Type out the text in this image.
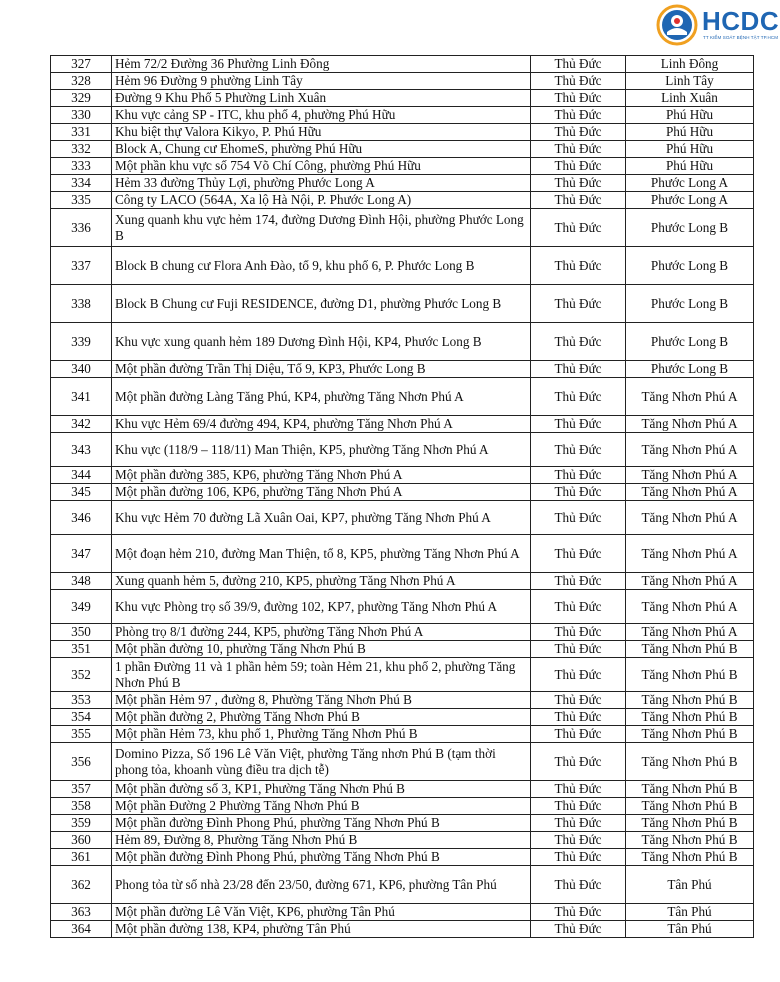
HCDC
TT KIỂM SOÁT BỆNH TẬT TP.HCM
327	Hẻm 72/2 Đường 36 Phường Linh Đông	Thủ Đức	Linh Đông
328	Hẻm 96 Đường 9 phường Linh Tây	Thủ Đức	Linh Tây
329	Đường 9 Khu Phố 5 Phường Linh Xuân	Thủ Đức	Linh Xuân
330	Khu vực cảng SP - ITC, khu phố 4, phường Phú Hữu	Thủ Đức	Phú Hữu
331	Khu biệt thự Valora Kikyo, P. Phú Hữu	Thủ Đức	Phú Hữu
332	Block A, Chung cư EhomeS, phường Phú Hữu	Thủ Đức	Phú Hữu
333	Một phần khu vực số 754 Võ Chí Công, phường Phú Hữu	Thủ Đức	Phú Hữu
334	Hẻm 33 đường Thủy Lợi, phường Phước Long A	Thủ Đức	Phước Long A
335	Công ty LACO (564A, Xa lộ Hà Nội, P. Phước Long A)	Thủ Đức	Phước Long A
336	Xung quanh khu vực hẻm 174, đường Dương Đình Hội, phường Phước Long B	Thủ Đức	Phước Long B
337	Block B chung cư Flora Anh Đào, tổ 9, khu phố 6, P. Phước Long B	Thủ Đức	Phước Long B
338	Block B Chung cư Fuji RESIDENCE, đường D1, phường Phước Long B	Thủ Đức	Phước Long B
339	Khu vực xung quanh hẻm 189 Dương Đình Hội, KP4, Phước Long B	Thủ Đức	Phước Long B
340	Một phần đường Trần Thị Diệu, Tổ 9, KP3, Phước Long B	Thủ Đức	Phước Long B
341	Một phần đường Làng Tăng Phú, KP4, phường Tăng Nhơn Phú A	Thủ Đức	Tăng Nhơn Phú A
342	Khu vực Hẻm 69/4 đường 494, KP4, phường Tăng Nhơn Phú A	Thủ Đức	Tăng Nhơn Phú A
343	Khu vực (118/9 – 118/11) Man Thiện, KP5, phường Tăng Nhơn Phú A	Thủ Đức	Tăng Nhơn Phú A
344	Một phần đường 385, KP6, phường Tăng Nhơn Phú A	Thủ Đức	Tăng Nhơn Phú A
345	Một phần đường 106, KP6, phường Tăng Nhơn Phú A	Thủ Đức	Tăng Nhơn Phú A
346	Khu vực Hẻm 70 đường Lã Xuân Oai, KP7, phường Tăng Nhơn Phú A	Thủ Đức	Tăng Nhơn Phú A
347	Một đoạn hẻm 210, đường Man Thiện, tổ 8, KP5, phường Tăng Nhơn Phú A	Thủ Đức	Tăng Nhơn Phú A
348	Xung quanh hẻm 5, đường 210, KP5, phường Tăng Nhơn Phú A	Thủ Đức	Tăng Nhơn Phú A
349	Khu vực Phòng trọ số 39/9, đường 102, KP7, phường Tăng Nhơn Phú A	Thủ Đức	Tăng Nhơn Phú A
350	Phòng trọ 8/1 đường 244, KP5, phường Tăng Nhơn Phú A	Thủ Đức	Tăng Nhơn Phú A
351	Một phần đường 10, phường Tăng Nhơn Phú B	Thủ Đức	Tăng Nhơn Phú B
352	1 phần Đường 11 và 1 phần hẻm 59; toàn Hẻm 21, khu phố 2, phường Tăng Nhơn Phú B	Thủ Đức	Tăng Nhơn Phú B
353	Một phần Hẻm 97 , đường 8, Phường Tăng Nhơn Phú B	Thủ Đức	Tăng Nhơn Phú B
354	Một phần đường 2, Phường Tăng Nhơn Phú B	Thủ Đức	Tăng Nhơn Phú B
355	Một phần Hẻm 73, khu phố 1, Phường Tăng Nhơn Phú B	Thủ Đức	Tăng Nhơn Phú B
356	Domino Pizza, Số 196 Lê Văn Việt, phường Tăng nhơn Phú B (tạm thời phong tỏa, khoanh vùng điều tra dịch tễ)	Thủ Đức	Tăng Nhơn Phú B
357	Một phần đường số 3, KP1, Phường Tăng Nhơn Phú B	Thủ Đức	Tăng Nhơn Phú B
358	Một phần Đường 2 Phường Tăng Nhơn Phú B	Thủ Đức	Tăng Nhơn Phú B
359	Một phần đường Đình Phong Phú, phường Tăng Nhơn Phú B	Thủ Đức	Tăng Nhơn Phú B
360	Hẻm 89, Đường 8, Phường Tăng Nhơn Phú B	Thủ Đức	Tăng Nhơn Phú B
361	Một phần đường Đình Phong Phú, phường Tăng Nhơn Phú B	Thủ Đức	Tăng Nhơn Phú B
362	Phong tỏa từ số nhà 23/28 đến 23/50, đường 671, KP6, phường Tân Phú	Thủ Đức	Tân Phú
363	Một phần đường Lê Văn Việt, KP6, phường Tân Phú	Thủ Đức	Tân Phú
364	Một phần đường 138, KP4, phường Tân Phú	Thủ Đức	Tân Phú
